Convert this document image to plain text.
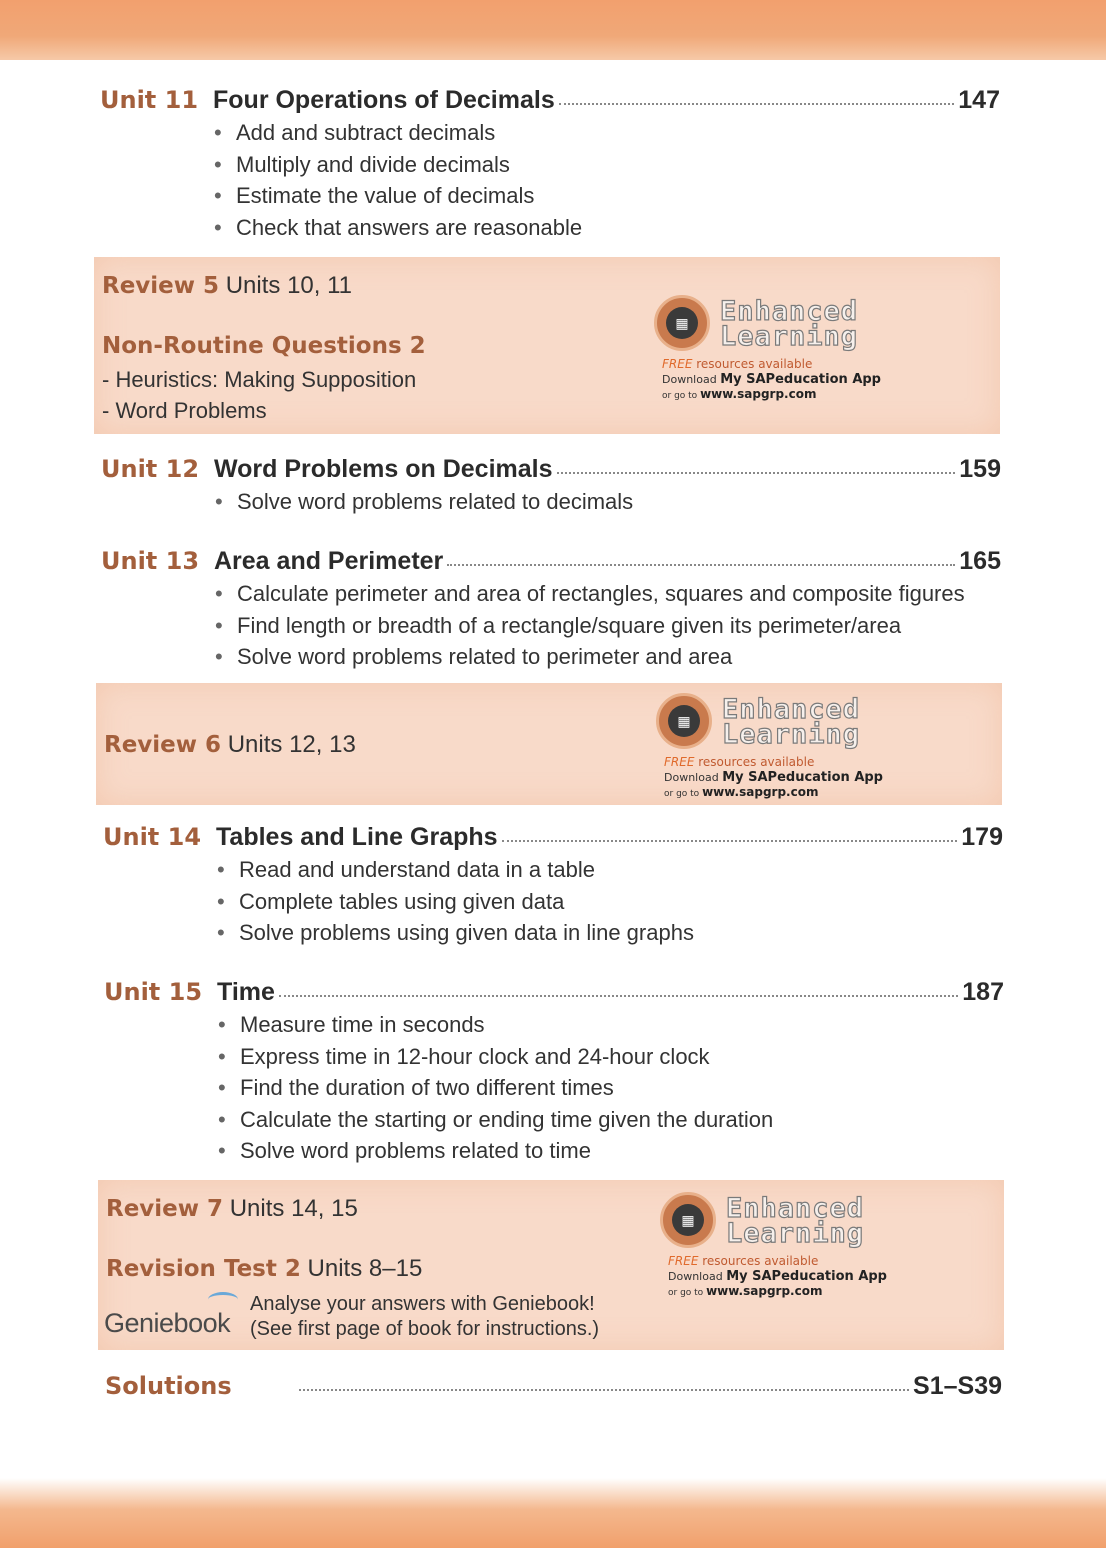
Unit 11 Four Operations of Decimals	147
• Add and subtract decimals
• Multiply and divide decimals
• Estimate the value of decimals
• Check that answers are reasonable
Review 5 Units 10, 11
Non-Routine Questions 2
- Heuristics: Making Supposition
- Word Problems
▦	Enhanced
Learning
FREE resources available
Download My SAPeducation App
or go to www.sapgrp.com
Unit 12 Word Problems on Decimals	159
• Solve word problems related to decimals
Unit 13 Area and Perimeter	165
• Calculate perimeter and area of rectangles, squares and composite figures
• Find length or breadth of a rectangle/square given its perimeter/area
• Solve word problems related to perimeter and area
Review 6 Units 12, 13
▦	Enhanced
Learning
FREE resources available
Download My SAPeducation App
or go to www.sapgrp.com
Unit 14 Tables and Line Graphs	179
• Read and understand data in a table
• Complete tables using given data
• Solve problems using given data in line graphs
Unit 15 Time	187
• Measure time in seconds
• Express time in 12-hour clock and 24-hour clock
• Find the duration of two different times
• Calculate the starting or ending time given the duration
• Solve word problems related to time
Review 7 Units 14, 15
Revision Test 2 Units 8–15
Geniebook
Analyse your answers with Geniebook!
(See first page of book for instructions.)
▦	Enhanced
Learning
FREE resources available
Download My SAPeducation App
or go to www.sapgrp.com
Solutions	S1–S39
